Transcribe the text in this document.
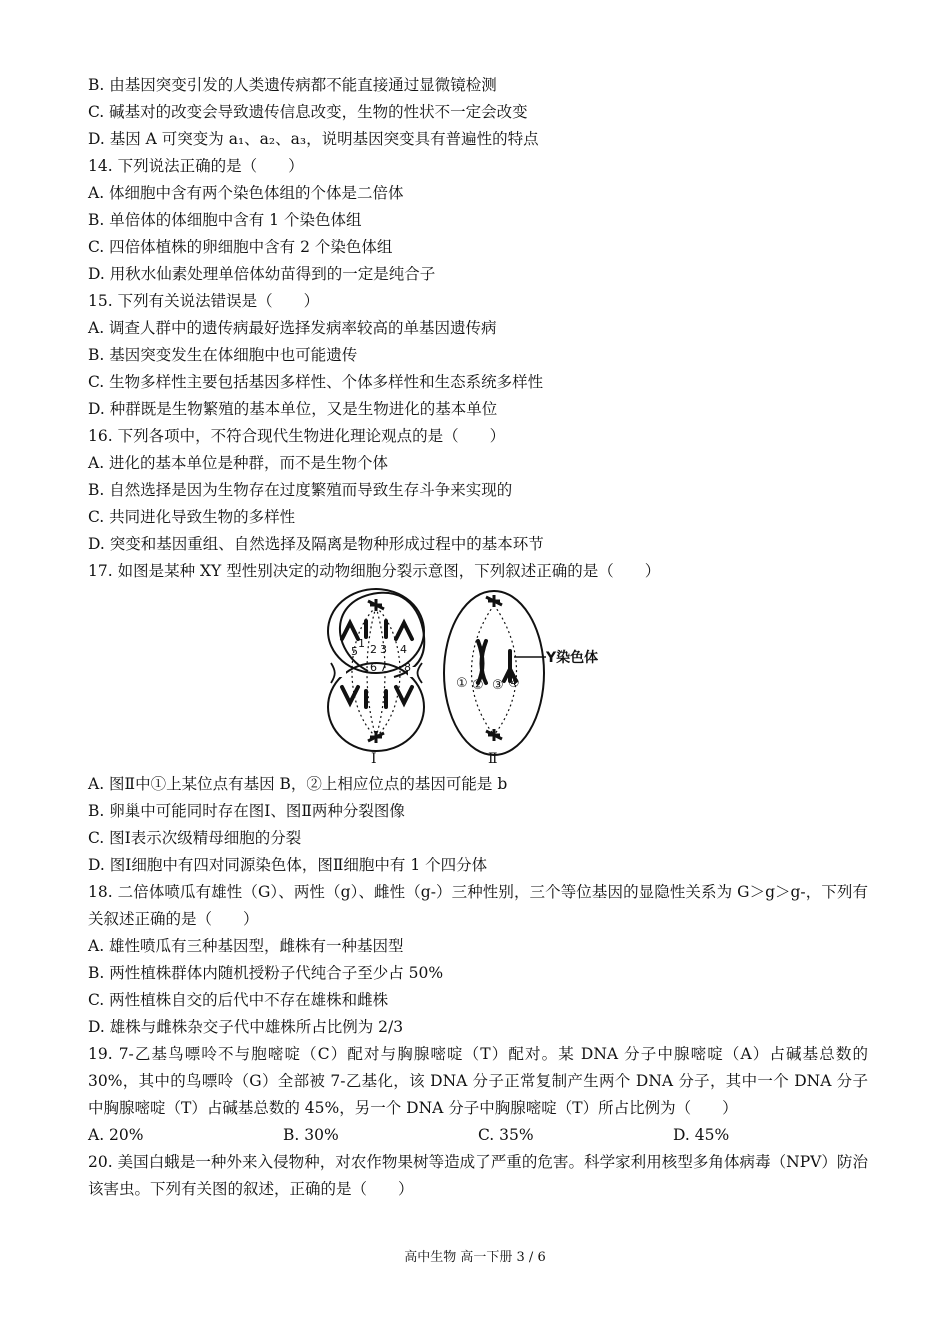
B. 由基因突变引发的人类遗传病都不能直接通过显微镜检测
C. 碱基对的改变会导致遗传信息改变，生物的性状不一定会改变
D. 基因 A 可突变为 a₁、a₂、a₃，说明基因突变具有普遍性的特点
14. 下列说法正确的是（　　）
A. 体细胞中含有两个染色体组的个体是二倍体
B. 单倍体的体细胞中含有 1 个染色体组
C. 四倍体植株的卵细胞中含有 2 个染色体组
D. 用秋水仙素处理单倍体幼苗得到的一定是纯合子
15. 下列有关说法错误是（　　）
A. 调查人群中的遗传病最好选择发病率较高的单基因遗传病
B. 基因突变发生在体细胞中也可能遗传
C. 生物多样性主要包括基因多样性、个体多样性和生态系统多样性
D. 种群既是生物繁殖的基本单位，又是生物进化的基本单位
16. 下列各项中，不符合现代生物进化理论观点的是（　　）
A. 进化的基本单位是种群，而不是生物个体
B. 自然选择是因为生物存在过度繁殖而导致生存斗争来实现的
C. 共同进化导致生物的多样性
D. 突变和基因重组、自然选择及隔离是物种形成过程中的基本环节
17. 如图是某种 XY 型性别决定的动物细胞分裂示意图，下列叙述正确的是（　　）
5 2 3 4
6 7 8
1
① ② ③ ④
Y染色体
Ⅰ	Ⅱ
A. 图Ⅱ中①上某位点有基因 B，②上相应位点的基因可能是 b
B. 卵巢中可能同时存在图Ⅰ、图Ⅱ两种分裂图像
C. 图Ⅰ表示次级精母细胞的分裂
D. 图Ⅰ细胞中有四对同源染色体，图Ⅱ细胞中有 1 个四分体
18. 二倍体喷瓜有雄性（G）、两性（g）、雌性（g-）三种性别，三个等位基因的显隐性关系为 G＞g＞g-，下列有关叙述正确的是（　　）
A. 雄性喷瓜有三种基因型，雌株有一种基因型
B. 两性植株群体内随机授粉子代纯合子至少占 50%
C. 两性植株自交的后代中不存在雄株和雌株
D. 雄株与雌株杂交子代中雄株所占比例为 2/3
19. 7-乙基鸟嘌呤不与胞嘧啶（C）配对与胸腺嘧啶（T）配对。某 DNA 分子中腺嘧啶（A）占碱基总数的 30%，其中的鸟嘌呤（G）全部被 7-乙基化，该 DNA 分子正常复制产生两个 DNA 分子，其中一个 DNA 分子中胸腺嘧啶（T）占碱基总数的 45%，另一个 DNA 分子中胸腺嘧啶（T）所占比例为（　　）
A. 20%	B. 30%	C. 35%	D. 45%
20. 美国白蛾是一种外来入侵物种，对农作物果树等造成了严重的危害。科学家利用核型多角体病毒（NPV）防治该害虫。下列有关图的叙述，正确的是（　　）
高中生物 高一下册 3 / 6
